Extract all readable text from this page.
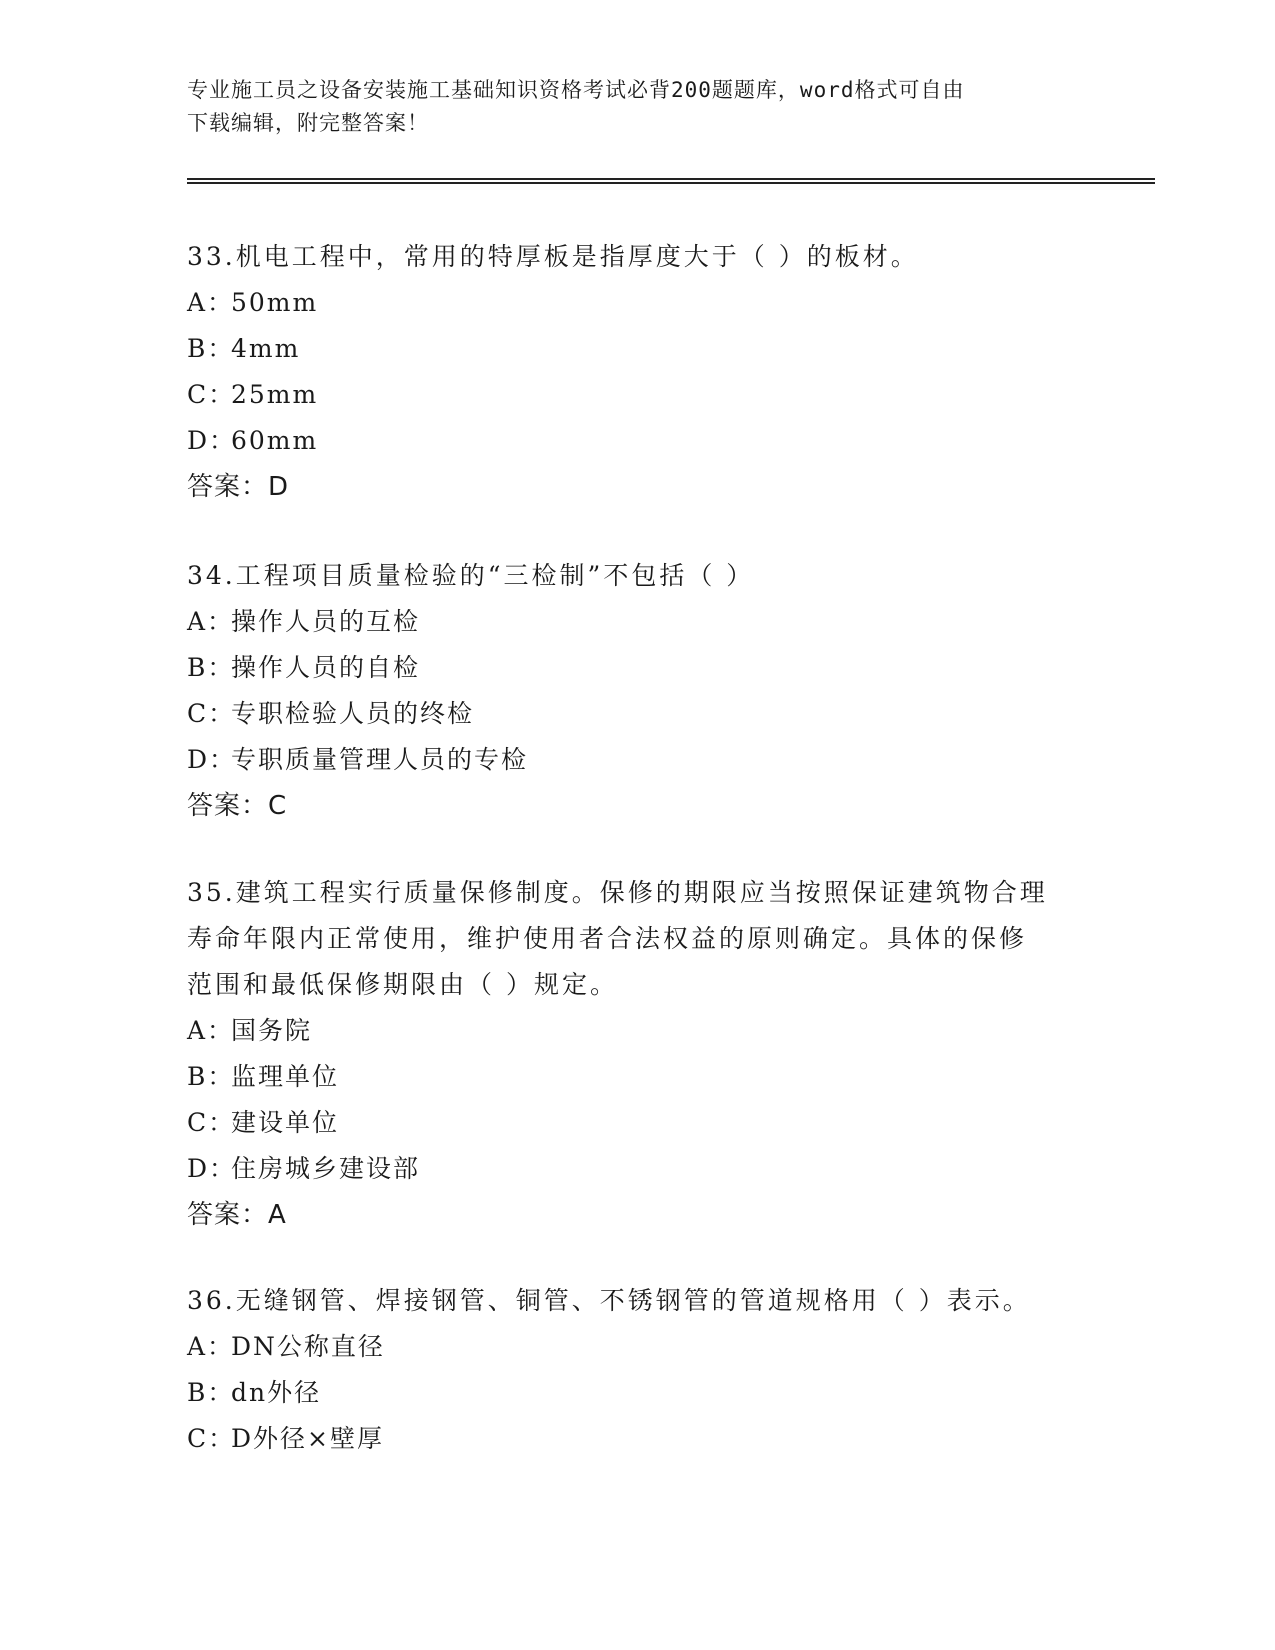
专业施工员之设备安装施工基础知识资格考试必背200题题库，word格式可自由
下载编辑，附完整答案！
33.机电工程中，常用的特厚板是指厚度大于（ ）的板材。
A：50mm
B：4mm
C：25mm
D：60mm
答案：D
34.工程项目质量检验的“三检制”不包括（ ）
A：操作人员的互检
B：操作人员的自检
C：专职检验人员的终检
D：专职质量管理人员的专检
答案：C
35.建筑工程实行质量保修制度。保修的期限应当按照保证建筑物合理
寿命年限内正常使用，维护使用者合法权益的原则确定。具体的保修
范围和最低保修期限由（ ）规定。
A：国务院
B：监理单位
C：建设单位
D：住房城乡建设部
答案：A
36.无缝钢管、焊接钢管、铜管、不锈钢管的管道规格用（ ）表示。
A：DN公称直径
B：dn外径
C：D外径×壁厚
